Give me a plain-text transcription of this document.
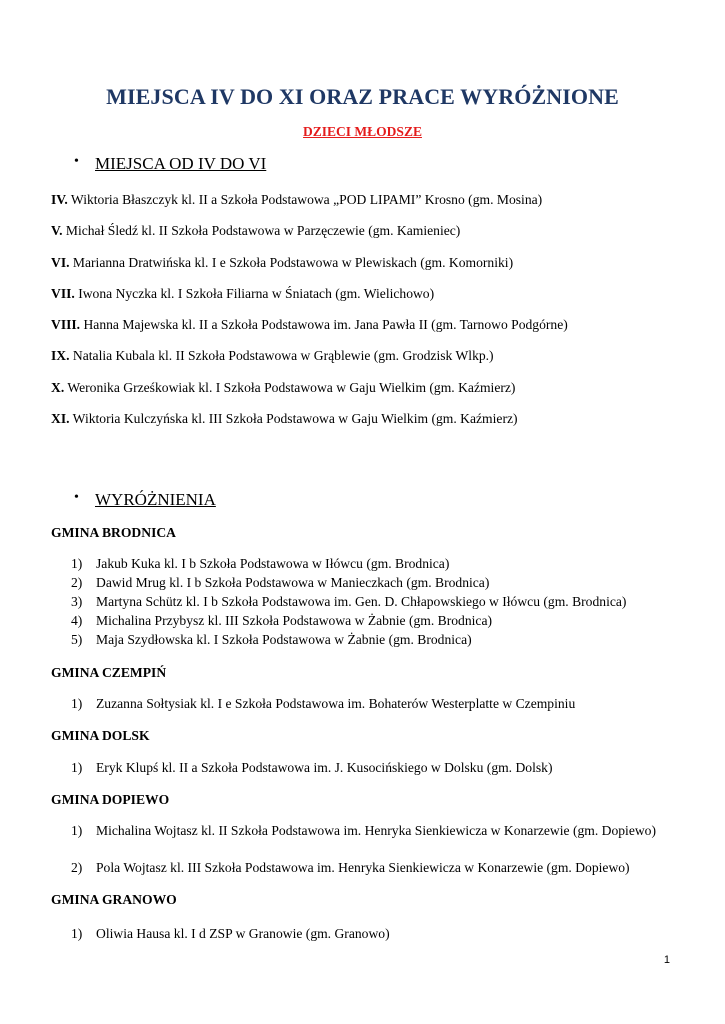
MIEJSCA IV DO XI ORAZ PRACE WYRÓŻNIONE
DZIECI MŁODSZE
• MIEJSCA OD IV DO VI
IV. Wiktoria Błaszczyk kl. II a Szkoła Podstawowa „POD LIPAMI” Krosno (gm. Mosina)
V. Michał Śledź kl. II Szkoła Podstawowa w Parzęczewie (gm. Kamieniec)
VI. Marianna Dratwińska kl. I e Szkoła Podstawowa w Plewiskach (gm. Komorniki)
VII. Iwona Nyczka kl. I Szkoła Filiarna w Śniatach (gm. Wielichowo)
VIII. Hanna Majewska kl. II a Szkoła Podstawowa im. Jana Pawła II (gm. Tarnowo Podgórne)
IX. Natalia Kubala kl. II Szkoła Podstawowa w Grąblewie (gm. Grodzisk Wlkp.)
X. Weronika Grześkowiak kl. I Szkoła Podstawowa w Gaju Wielkim (gm. Kaźmierz)
XI. Wiktoria Kulczyńska kl. III Szkoła Podstawowa w Gaju Wielkim (gm. Kaźmierz)
• WYRÓŻNIENIA
GMINA BRODNICA
1) Jakub Kuka kl. I b Szkoła Podstawowa w Iłówcu (gm. Brodnica)
2) Dawid Mrug kl. I b Szkoła Podstawowa w Manieczkach (gm. Brodnica)
3) Martyna Schütz kl. I b Szkoła Podstawowa im. Gen. D. Chłapowskiego w Iłówcu (gm. Brodnica)
4) Michalina Przybysz kl. III Szkoła Podstawowa w Żabnie (gm. Brodnica)
5) Maja Szydłowska kl. I Szkoła Podstawowa w Żabnie (gm. Brodnica)
GMINA CZEMPIŃ
1) Zuzanna Sołtysiak kl. I e Szkoła Podstawowa im. Bohaterów Westerplatte w Czempiniu
GMINA DOLSK
1) Eryk Klupś kl. II a Szkoła Podstawowa im. J. Kusocińskiego w Dolsku (gm. Dolsk)
GMINA DOPIEWO
1) Michalina Wojtasz kl. II Szkoła Podstawowa im. Henryka Sienkiewicza w Konarzewie (gm. Dopiewo)
2) Pola Wojtasz kl. III Szkoła Podstawowa im. Henryka Sienkiewicza w Konarzewie (gm. Dopiewo)
GMINA GRANOWO
1) Oliwia Hausa kl. I d ZSP w Granowie (gm. Granowo)
1
